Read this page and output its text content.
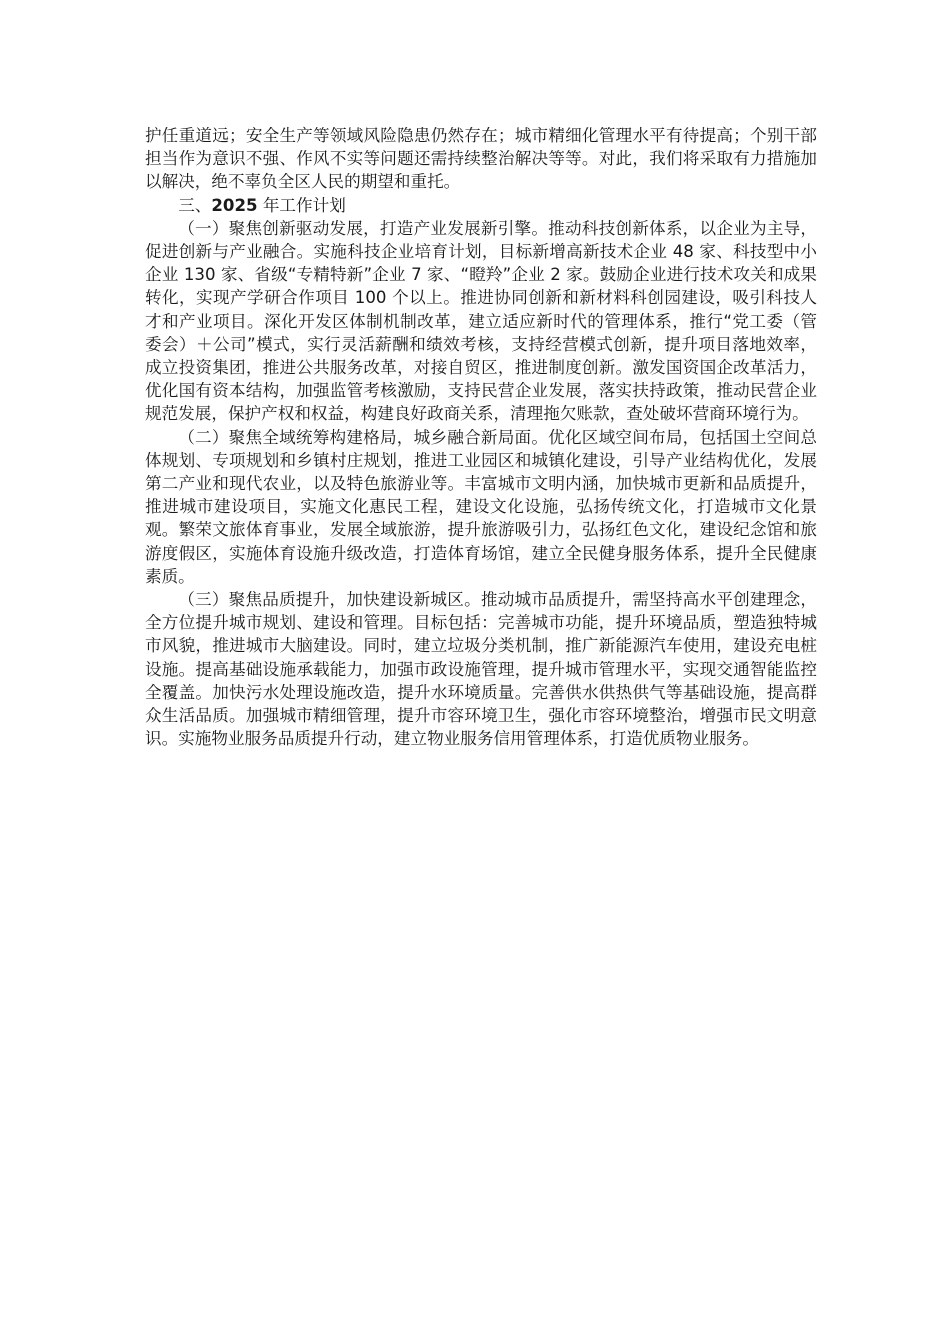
护任重道远；安全生产等领域风险隐患仍然存在；城市精细化管理水平有待提高；个别干部担当作为意识不强、作风不实等问题还需持续整治解决等等。对此，我们将采取有力措施加以解决，绝不辜负全区人民的期望和重托。

三、2025 年工作计划

（一）聚焦创新驱动发展，打造产业发展新引擎。推动科技创新体系，以企业为主导，促进创新与产业融合。实施科技企业培育计划，目标新增高新技术企业 48 家、科技型中小企业 130 家、省级“专精特新”企业 7 家、“瞪羚”企业 2 家。鼓励企业进行技术攻关和成果转化，实现产学研合作项目 100 个以上。推进协同创新和新材料科创园建设，吸引科技人才和产业项目。深化开发区体制机制改革，建立适应新时代的管理体系，推行“党工委（管委会）＋公司”模式，实行灵活薪酬和绩效考核，支持经营模式创新，提升项目落地效率，成立投资集团，推进公共服务改革，对接自贸区，推进制度创新。激发国资国企改革活力，优化国有资本结构，加强监管考核激励，支持民营企业发展，落实扶持政策，推动民营企业规范发展，保护产权和权益，构建良好政商关系，清理拖欠账款，查处破坏营商环境行为。

（二）聚焦全域统筹构建格局，城乡融合新局面。优化区域空间布局，包括国土空间总体规划、专项规划和乡镇村庄规划，推进工业园区和城镇化建设，引导产业结构优化，发展第二产业和现代农业，以及特色旅游业等。丰富城市文明内涵，加快城市更新和品质提升，推进城市建设项目，实施文化惠民工程，建设文化设施，弘扬传统文化，打造城市文化景观。繁荣文旅体育事业，发展全域旅游，提升旅游吸引力，弘扬红色文化，建设纪念馆和旅游度假区，实施体育设施升级改造，打造体育场馆，建立全民健身服务体系，提升全民健康素质。

（三）聚焦品质提升，加快建设新城区。推动城市品质提升，需坚持高水平创建理念，全方位提升城市规划、建设和管理。目标包括：完善城市功能，提升环境品质，塑造独特城市风貌，推进城市大脑建设。同时，建立垃圾分类机制，推广新能源汽车使用，建设充电桩设施。提高基础设施承载能力，加强市政设施管理，提升城市管理水平，实现交通智能监控全覆盖。加快污水处理设施改造，提升水环境质量。完善供水供热供气等基础设施，提高群众生活品质。加强城市精细管理，提升市容环境卫生，强化市容环境整治，增强市民文明意识。实施物业服务品质提升行动，建立物业服务信用管理体系，打造优质物业服务。
